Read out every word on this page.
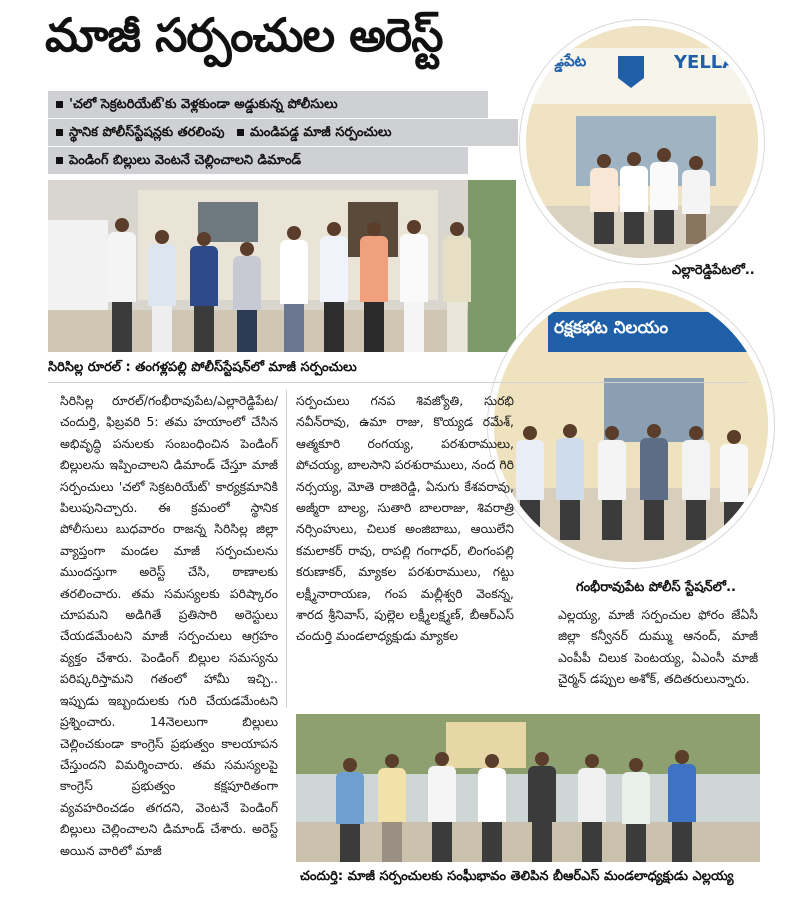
మాజీ సర్పంచుల అరెస్ట్
'చలో సెక్రటరియేట్'కు వెళ్లకుండా అడ్డుకున్న పోలీసులు
స్థానిక పోలీస్‌స్టేషన్లకు తరలింపు మండిపడ్డ మాజీ సర్పంచులు
పెండింగ్ బిల్లులు వెంటనే చెల్లించాలని డిమాండ్
సిరిసిల్ల రూరల్ : తంగళ్లపల్లి పోలీస్‌స్టేషన్‌లో మాజీ సర్పంచులు
రెడ్డిపేట	YELLA
ఎల్లారెడ్డిపేటలో..
రక్షకభట నిలయం
గంభీరావుపేట పోలీస్ స్టేషన్‌లో..

సిరిసిల్ల రూరల్/గంభీరావుపేట/ఎల్లారెడ్డిపేట/చందుర్తి, ఫిబ్రవరి 5: తమ హయాంలో చేసిన అభివృద్ధి పనులకు సంబంధించిన పెండింగ్ బిల్లులను ఇప్పించాలని డిమాండ్ చేస్తూ మాజీ సర్పంచులు 'చలో సెక్రటరియేట్' కార్యక్రమానికి పిలుపునిచ్చారు. ఈ క్రమంలో స్థానిక పోలీసులు బుధవారం రాజన్న సిరిసిల్ల జిల్లా వ్యాప్తంగా మండల మాజీ సర్పంచులను ముందస్తుగా అరెస్ట్ చేసి, ఠాణాలకు తరలించారు. తమ సమస్యలకు పరిష్కారం చూపమని అడిగితే ప్రతిసారి అరెస్టులు చేయడమేంటని మాజీ సర్పంచులు ఆగ్రహం వ్యక్తం చేశారు. పెండింగ్ బిల్లుల సమస్యను పరిష్కరిస్తామని గతంలో హామీ ఇచ్చి.. ఇప్పుడు ఇబ్బందులకు గురి చేయడమేంటని ప్రశ్నించారు. 14నెలలుగా బిల్లులు చెల్లించకుండా కాంగ్రెస్ ప్రభుత్వం కాలయాపన చేస్తుందని విమర్శించారు. తమ సమస్యలపై కాంగ్రెస్ ప్రభుత్వం కక్షపూరితంగా వ్యవహరించడం తగదని, వెంటనే పెండింగ్ బిల్లులు చెల్లించాలని డిమాండ్ చేశారు. అరెస్ట్ అయిన వారిలో మాజీ

సర్పంచులు గనప శివజ్యోతి, సురభి నవీన్‌రావు, ఉమా రాజు, కొయ్యడ రమేశ్, ఆత్మకూరి రంగయ్య, పరశురాములు, పోచయ్య, బాలసాని పరశురాములు, నంద గిరి నర్సయ్య, మోతె రాజిరెడ్డి, ఏనుగు కేశవరావు, అజ్మీరా బాల్య, సుతారి బాలరాజు, శివరాత్రి నర్సింహులు, చిలుక అంజిబాబు, ఆయిలేని కమలాకర్ రావు, రాపల్లి గంగాధర్, లింగంపల్లి కరుణాకర్, మ్యాకల పరశురాములు, గట్టు లక్ష్మీనారాయణ, గంప మల్లీశ్వరి వెంకన్న, శారద శ్రీనివాస్, పుల్లెల లక్ష్మీలక్ష్మణ్, బీఆర్ఎస్ చందుర్తి మండలాధ్యక్షుడు మ్యాకల

ఎల్లయ్య, మాజీ సర్పంచుల ఫోరం జేఏసీ జిల్లా కన్వీనర్ దుమ్ము ఆనంద్, మాజీ ఎంపీపీ చిలుక పెంటయ్య, ఏఎంసీ మాజీ చైర్మన్ డప్పుల అశోక్, తదితరులున్నారు.

చందుర్తి: మాజీ సర్పంచులకు సంఘీభావం తెలిపిన బీఆర్ఎస్ మండలాధ్యక్షుడు ఎల్లయ్య
